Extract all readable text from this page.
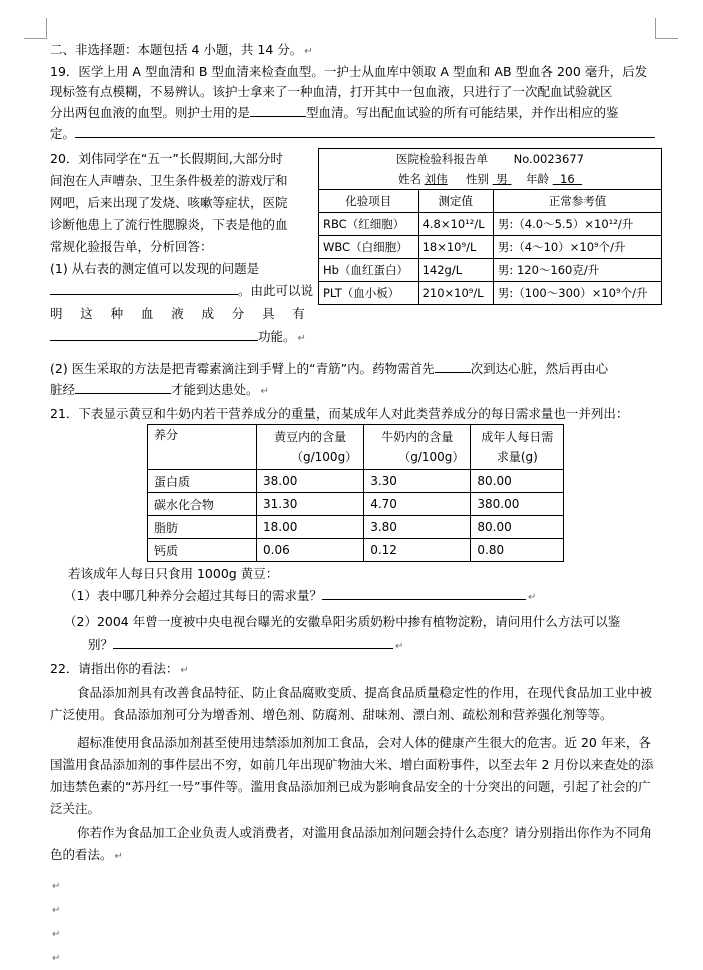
二、非选择题：本题包括 4 小题，共 14 分。 ↵

19．医学上用 A 型血清和 B 型血清来检查血型。一护士从血库中领取 A 型血和 AB 型血各 200 毫升，后发

现标签有点模糊，不易辨认。该护士拿来了一种血清，打开其中一包血液，只进行了一次配血试验就区

分出两包血液的血型。则护士用的是	型血清。写出配血试验的所有可能结果，并作出相应的鉴

定。

20．刘伟同学在“五一”长假期间,大部分时

间泡在人声嘈杂、卫生条件极差的游戏厅和

网吧，后来出现了发烧、咳嗽等症状，医院

诊断他患上了流行性腮腺炎，下表是他的血

常规化验报告单，分析回答：

(1) 从右表的测定值可以发现的问题是

。由此可以说

明 这 种 血 液 成 分 具 有

功能。 ↵

医院检验科报告单 No.0023677
姓名 刘伟 性别 男 年龄 16
化验项目	测定值	正常参考值
RBC（红细胞）	4.8×10¹²/L	男:（4.0～5.5）×10¹²/升
WBC（白细胞）	18×10⁹/L	男:（4～10）×10⁹个/升
Hb（血红蛋白）	142g/L	男: 120～160克/升
PLT（血小板）	210×10⁹/L	男:（100～300）×10⁹个/升

(2) 医生采取的方法是把青霉素滴注到手臂上的“青筋”内。药物需首先	次到达心脏，然后再由心

脏经	才能到达患处。 ↵

21．下表显示黄豆和牛奶内若干营养成分的重量，而某成年人对此类营养成分的每日需求量也一并列出：

养分	黄豆内的含量
（g/100g）	牛奶内的含量
（g/100g）	成年人每日需
求量(g)
蛋白质	38.00	3.30	80.00
碳水化合物	31.30	4.70	380.00
脂肪	18.00	3.80	80.00
钙质	0.06	0.12	0.80

若该成年人每日只食用 1000g 黄豆：

（1）表中哪几种养分会超过其每日的需求量？	↵

（2）2004 年曾一度被中央电视台曝光的安徽阜阳劣质奶粉中掺有植物淀粉，请问用什么方法可以鉴

别？	↵

22．请指出你的看法： ↵

食品添加剂具有改善食品特征、防止食品腐败变质、提高食品质量稳定性的作用，在现代食品加工业中被广泛使用。食品添加剂可分为增香剂、增色剂、防腐剂、甜味剂、漂白剂、疏松剂和营养强化剂等等。

超标准使用食品添加剂甚至使用违禁添加剂加工食品，会对人体的健康产生很大的危害。近 20 年来，各国滥用食品添加剂的事件层出不穷，如前几年出现矿物油大米、增白面粉事件，以至去年 2 月份以来查处的添加违禁色素的“苏丹红一号”事件等。滥用食品添加剂已成为影响食品安全的十分突出的问题，引起了社会的广泛关注。

你若作为食品加工企业负责人或消费者，对滥用食品添加剂问题会持什么态度？请分别指出你作为不同角色的看法。 ↵

↵

↵

↵

↵
